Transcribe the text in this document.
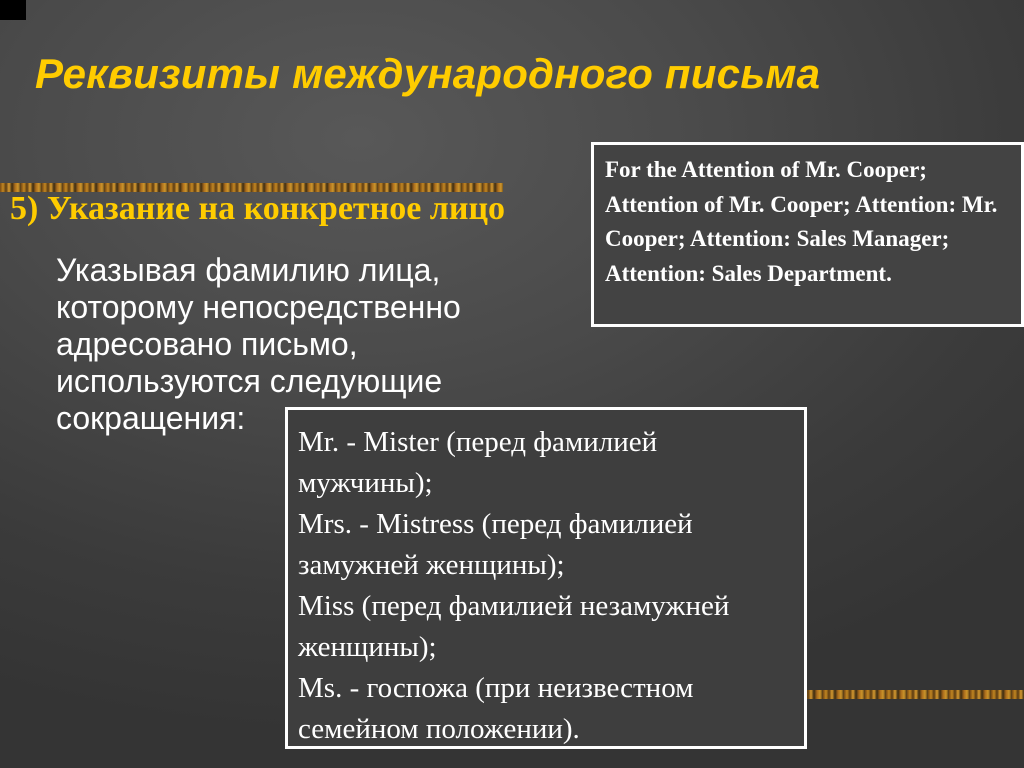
Реквизиты международного письма
5) Указание на конкретное лицо

Указывая фамилию лица, которому непосредственно адресовано письмо, используются следующие сокращения:

For the Attention of Mr. Cooper; Attention of Mr. Cooper; Attention: Mr. Cooper; Attention: Sales Manager; Attention: Sales Department.

Mr. - Mister (перед фамилией мужчины);
Mrs. - Mistress (перед фамилией замужней женщины);
Miss (перед фамилией незамужней женщины);
Ms. - госпожа (при неизвестном семейном положении).
